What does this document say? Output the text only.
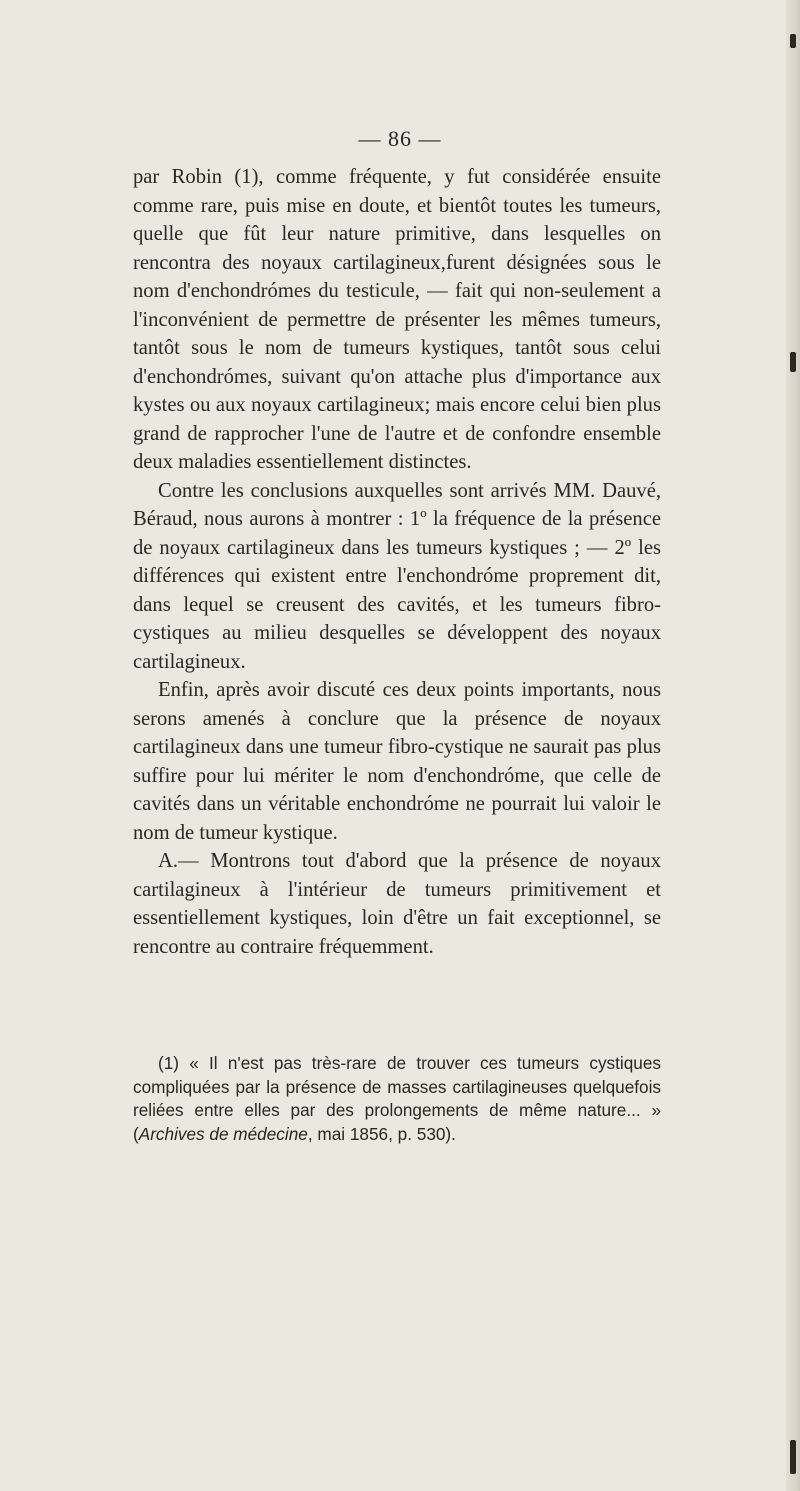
— 86 —

par Robin (1), comme fréquente, y fut considérée ensuite comme rare, puis mise en doute, et bientôt toutes les tumeurs, quelle que fût leur nature primitive, dans lesquelles on rencontra des noyaux cartilagineux,furent désignées sous le nom d'enchondrómes du testicule, — fait qui non-seulement a l'inconvénient de permettre de présenter les mêmes tumeurs, tantôt sous le nom de tumeurs kystiques, tantôt sous celui d'enchondrómes, suivant qu'on attache plus d'importance aux kystes ou aux noyaux cartilagineux; mais encore celui bien plus grand de rapprocher l'une de l'autre et de confondre ensemble deux maladies essentiellement distinctes.

Contre les conclusions auxquelles sont arrivés MM. Dauvé, Béraud, nous aurons à montrer : 1º la fréquence de la présence de noyaux cartilagineux dans les tumeurs kystiques ; — 2º les différences qui existent entre l'enchondróme proprement dit, dans lequel se creusent des cavités, et les tumeurs fibro-cystiques au milieu desquelles se développent des noyaux cartilagineux.

Enfin, après avoir discuté ces deux points importants, nous serons amenés à conclure que la présence de noyaux cartilagineux dans une tumeur fibro-cystique ne saurait pas plus suffire pour lui mériter le nom d'enchondróme, que celle de cavités dans un véritable enchondróme ne pourrait lui valoir le nom de tumeur kystique.

A.— Montrons tout d'abord que la présence de noyaux cartilagineux à l'intérieur de tumeurs primitivement et essentiellement kystiques, loin d'être un fait exceptionnel, se rencontre au contraire fréquemment.

(1) « Il n'est pas très-rare de trouver ces tumeurs cystiques compliquées par la présence de masses cartilagineuses quelquefois reliées entre elles par des prolongements de même nature... » (Archives de médecine, mai 1856, p. 530).
